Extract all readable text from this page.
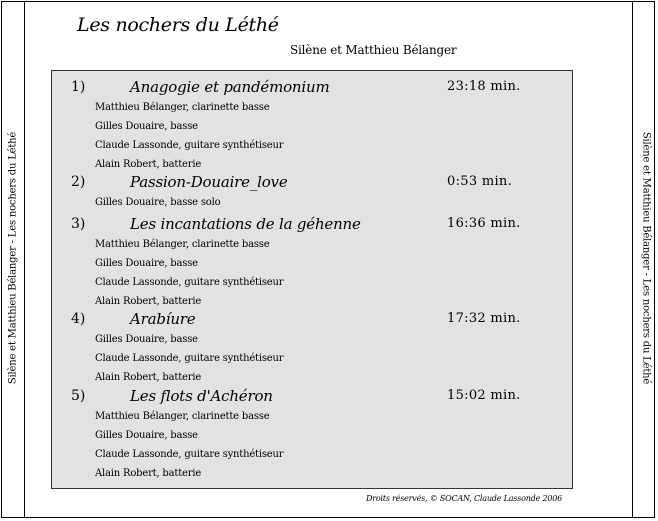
Silène et Matthieu Bélanger - Les nochers du Léthé	Silène et Matthieu Bélanger - Les nochers du Léthé
Les nochers du Léthé
Silène et Matthieu Bélanger
1)	Anagogie et pandémonium	23:18 min.
Matthieu Bélanger, clarinette basse
Gilles Douaire, basse
Claude Lassonde, guitare synthétiseur
Alain Robert, batterie
2)	Passion-Douaire_love	0:53 min.
Gilles Douaire, basse solo
3)	Les incantations de la géhenne	16:36 min.
Matthieu Bélanger, clarinette basse
Gilles Douaire, basse
Claude Lassonde, guitare synthétiseur
Alain Robert, batterie
4)	Arabíure	17:32 min.
Gilles Douaire, basse
Claude Lassonde, guitare synthétiseur
Alain Robert, batterie
5)	Les flots d'Achéron	15:02 min.
Matthieu Bélanger, clarinette basse
Gilles Douaire, basse
Claude Lassonde, guitare synthétiseur
Alain Robert, batterie
Droits réservés, © SOCAN, Claude Lassonde 2006
